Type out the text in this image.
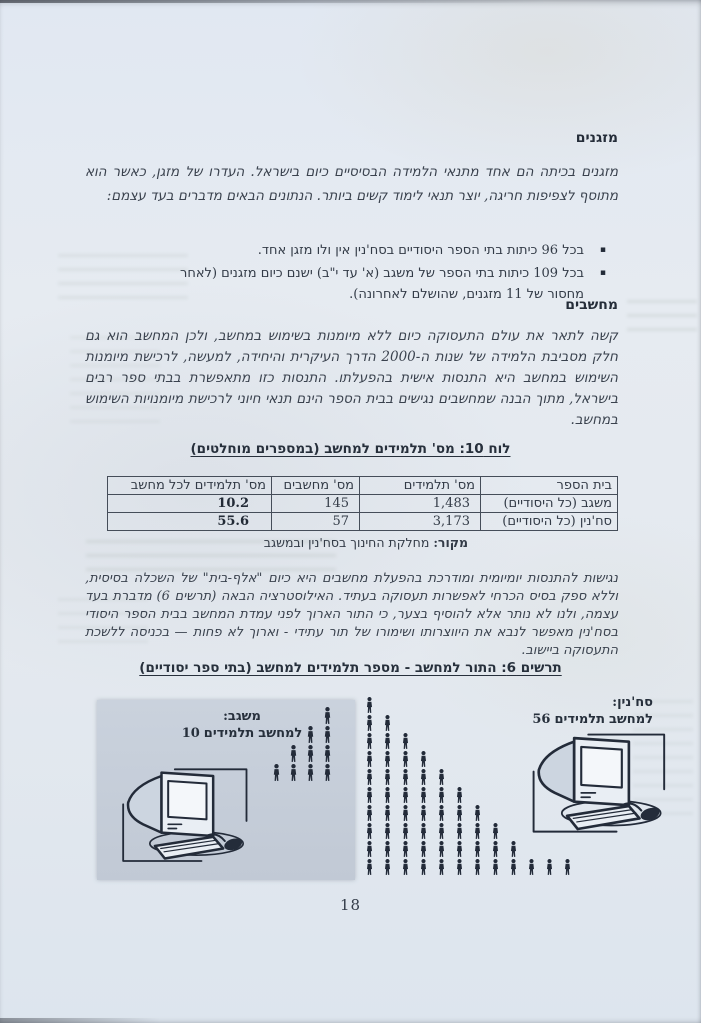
מזגנים

מזגנים בכיתה הם אחד מתנאי הלמידה הבסיסיים כיום בישראל. העדרו של מזגן, כאשר הוא מתוסף לצפיפות חריגה, יוצר תנאי לימוד קשים ביותר. הנתונים הבאים מדברים בעד עצמם:

▪
בכל 96 כיתות בתי הספר היסודיים בסח'נין אין ולו מזגן אחד.
▪
בכל 109 כיתות בתי הספר של משגב (א' עד י"ב) ישנם כיום מזגנים (לאחר מחסור של 11 מזגנים, שהושלם לאחרונה).
מחשבים

קשה לתאר את עולם התעסוקה כיום ללא מיומנות בשימוש במחשב, ולכן המחשב הוא גם חלק מסביבת הלמידה של שנות ה-2000 הדרך העיקרית והיחידה, למעשה, לרכישת מיומנות השימוש במחשב היא התנסות אישית בהפעלתו. התנסות כזו מתאפשרת בבתי ספר רבים בישראל, מתוך הבנה שמחשבים נגישים בבית הספר הינם תנאי חיוני לרכישת מיומנויות השימוש במחשב.

לוח 10: מס' תלמידים למחשב (במספרים מוחלטים)
בית הספר	מס' תלמידים	מס' מחשבים	מס' תלמידים לכל מחשב
משגב (כל היסודיים)	1,483	145	10.2
סח'נין (כל היסודיים)	3,173	57	55.6
מקור: מחלקת החינוך בסח'נין ובמשגב

נגישות להתנסות יומיומית ומודרכת בהפעלת מחשבים היא כיום "אלף-בית" של השכלה בסיסית, וללא ספק בסיס הכרחי לאפשרות תעסוקה בעתיד. האילוסטרציה הבאה (תרשים 6) מדברת בעד עצמה, ולנו לא נותר אלא להוסיף בצער, כי התור הארוך לפני עמדת המחשב בבית הספר היסודי בסח'נין מאפשר לנבא את היווצרותו ושימורו של תור עתידי - וארוך לא פחות — בכניסה ללשכת התעסוקה ביישוב.

תרשים 6: התור למחשב - מספר תלמידים למחשב (בתי ספר יסודיים)
סח'נין:
56 תלמידים למחשב
משגב:
10 תלמידים למחשב
18
